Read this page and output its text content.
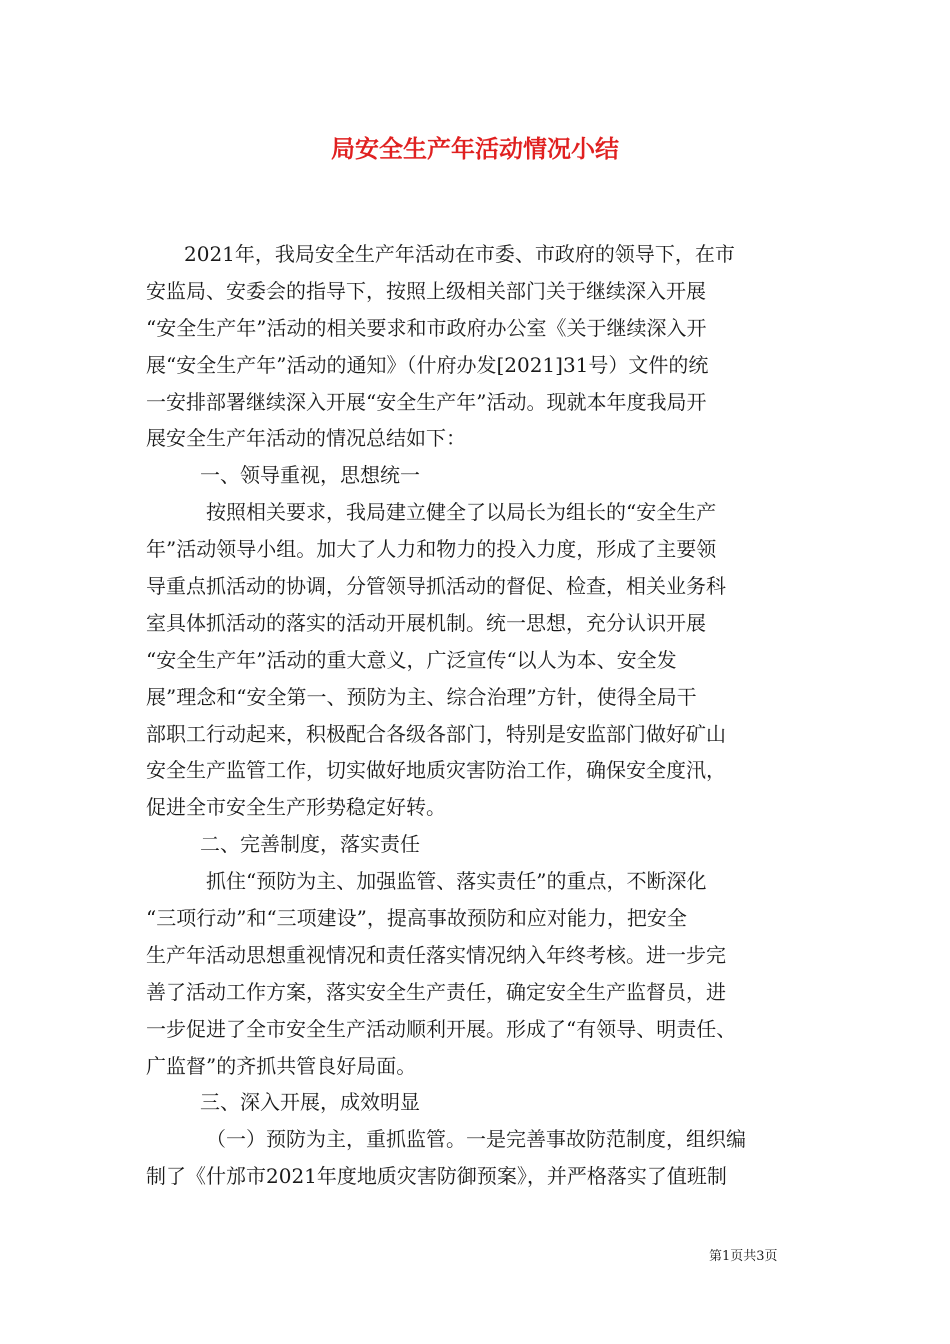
局安全生产年活动情况小结
2021年，我局安全生产年活动在市委、市政府的领导下，在市
安监局、安委会的指导下，按照上级相关部门关于继续深入开展
“安全生产年”活动的相关要求和市政府办公室《关于继续深入开
展“安全生产年”活动的通知》（什府办发[2021]31号）文件的统
一安排部署继续深入开展“安全生产年”活动。现就本年度我局开
展安全生产年活动的情况总结如下：
一、领导重视，思想统一
按照相关要求，我局建立健全了以局长为组长的“安全生产
年”活动领导小组。加大了人力和物力的投入力度，形成了主要领
导重点抓活动的协调，分管领导抓活动的督促、检查，相关业务科
室具体抓活动的落实的活动开展机制。统一思想，充分认识开展
“安全生产年”活动的重大意义，广泛宣传“以人为本、安全发
展”理念和“安全第一、预防为主、综合治理”方针，使得全局干
部职工行动起来，积极配合各级各部门，特别是安监部门做好矿山
安全生产监管工作，切实做好地质灾害防治工作，确保安全度汛，
促进全市安全生产形势稳定好转。
二、完善制度，落实责任
抓住“预防为主、加强监管、落实责任”的重点，不断深化
“三项行动”和“三项建设”，提高事故预防和应对能力，把安全
生产年活动思想重视情况和责任落实情况纳入年终考核。进一步完
善了活动工作方案，落实安全生产责任，确定安全生产监督员，进
一步促进了全市安全生产活动顺利开展。形成了“有领导、明责任、
广监督”的齐抓共管良好局面。
三、深入开展，成效明显
（一）预防为主，重抓监管。一是完善事故防范制度，组织编
制了《什邡市2021年度地质灾害防御预案》，并严格落实了值班制
第1页共3页
